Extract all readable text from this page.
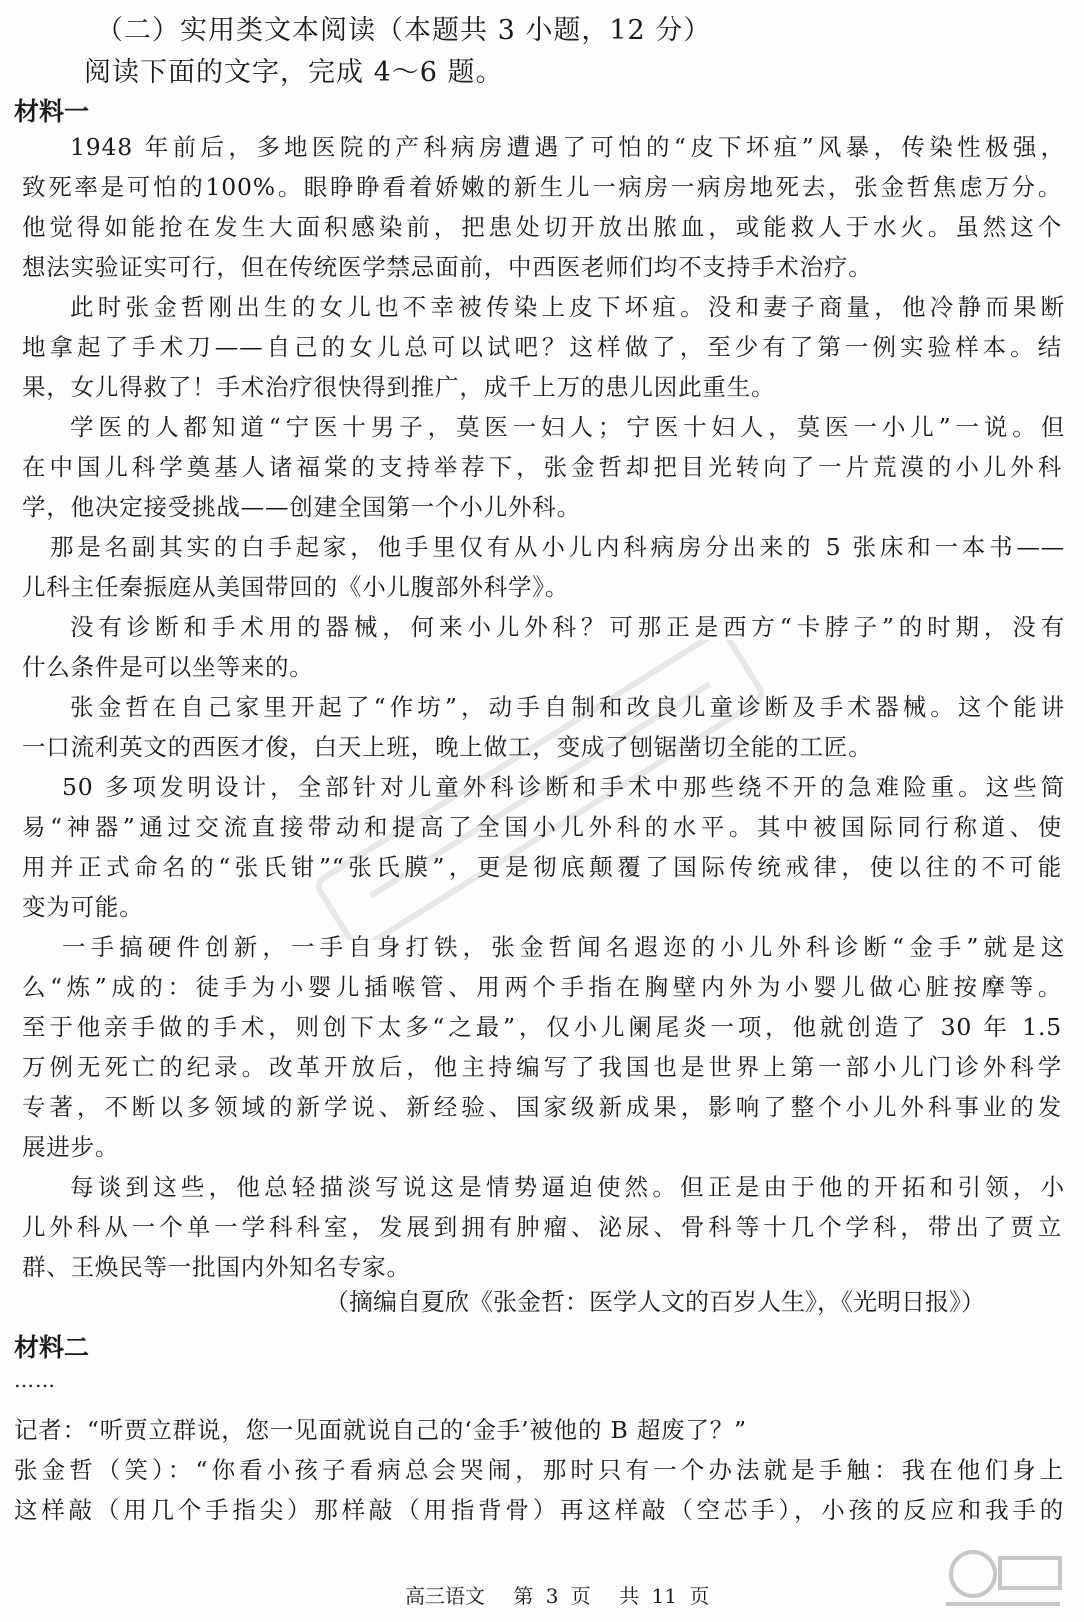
（二）实用类文本阅读（本题共 3 小题，12 分）
阅读下面的文字，完成 4～6 题。
材料一
1948 年前后，多地医院的产科病房遭遇了可怕的“皮下坏疽”风暴，传染性极强，
致死率是可怕的100%。眼睁睁看着娇嫩的新生儿一病房一病房地死去，张金哲焦虑万分。
他觉得如能抢在发生大面积感染前，把患处切开放出脓血，或能救人于水火。虽然这个
想法实验证实可行，但在传统医学禁忌面前，中西医老师们均不支持手术治疗。
此时张金哲刚出生的女儿也不幸被传染上皮下坏疽。没和妻子商量，他冷静而果断
地拿起了手术刀——自己的女儿总可以试吧？这样做了，至少有了第一例实验样本。结
果，女儿得救了！手术治疗很快得到推广，成千上万的患儿因此重生。
学医的人都知道“宁医十男子，莫医一妇人；宁医十妇人，莫医一小儿”一说。但
在中国儿科学奠基人诸福棠的支持举荐下，张金哲却把目光转向了一片荒漠的小儿外科
学，他决定接受挑战——创建全国第一个小儿外科。
那是名副其实的白手起家，他手里仅有从小儿内科病房分出来的 5 张床和一本书——
儿科主任秦振庭从美国带回的《小儿腹部外科学》。
没有诊断和手术用的器械，何来小儿外科？可那正是西方“卡脖子”的时期，没有
什么条件是可以坐等来的。
张金哲在自己家里开起了“作坊”，动手自制和改良儿童诊断及手术器械。这个能讲
一口流利英文的西医才俊，白天上班，晚上做工，变成了刨锯凿切全能的工匠。
50 多项发明设计，全部针对儿童外科诊断和手术中那些绕不开的急难险重。这些简
易“神器”通过交流直接带动和提高了全国小儿外科的水平。其中被国际同行称道、使
用并正式命名的“张氏钳”“张氏膜”，更是彻底颠覆了国际传统戒律，使以往的不可能
变为可能。
一手搞硬件创新，一手自身打铁，张金哲闻名遐迩的小儿外科诊断“金手”就是这
么“炼”成的：徒手为小婴儿插喉管、用两个手指在胸壁内外为小婴儿做心脏按摩等。
至于他亲手做的手术，则创下太多“之最”，仅小儿阑尾炎一项，他就创造了 30 年 1.5
万例无死亡的纪录。改革开放后，他主持编写了我国也是世界上第一部小儿门诊外科学
专著，不断以多领域的新学说、新经验、国家级新成果，影响了整个小儿外科事业的发
展进步。
每谈到这些，他总轻描淡写说这是情势逼迫使然。但正是由于他的开拓和引领，小
儿外科从一个单一学科科室，发展到拥有肿瘤、泌尿、骨科等十几个学科，带出了贾立
群、王焕民等一批国内外知名专家。
（摘编自夏欣《张金哲：医学人文的百岁人生》，《光明日报》）
材料二
……
记者：“听贾立群说，您一见面就说自己的‘金手’被他的 B 超废了？”
张金哲（笑）：“你看小孩子看病总会哭闹，那时只有一个办法就是手触：我在他们身上
这样敲（用几个手指尖）那样敲（用指背骨）再这样敲（空芯手），小孩的反应和我手的
高三语文 第 3 页 共 11 页
